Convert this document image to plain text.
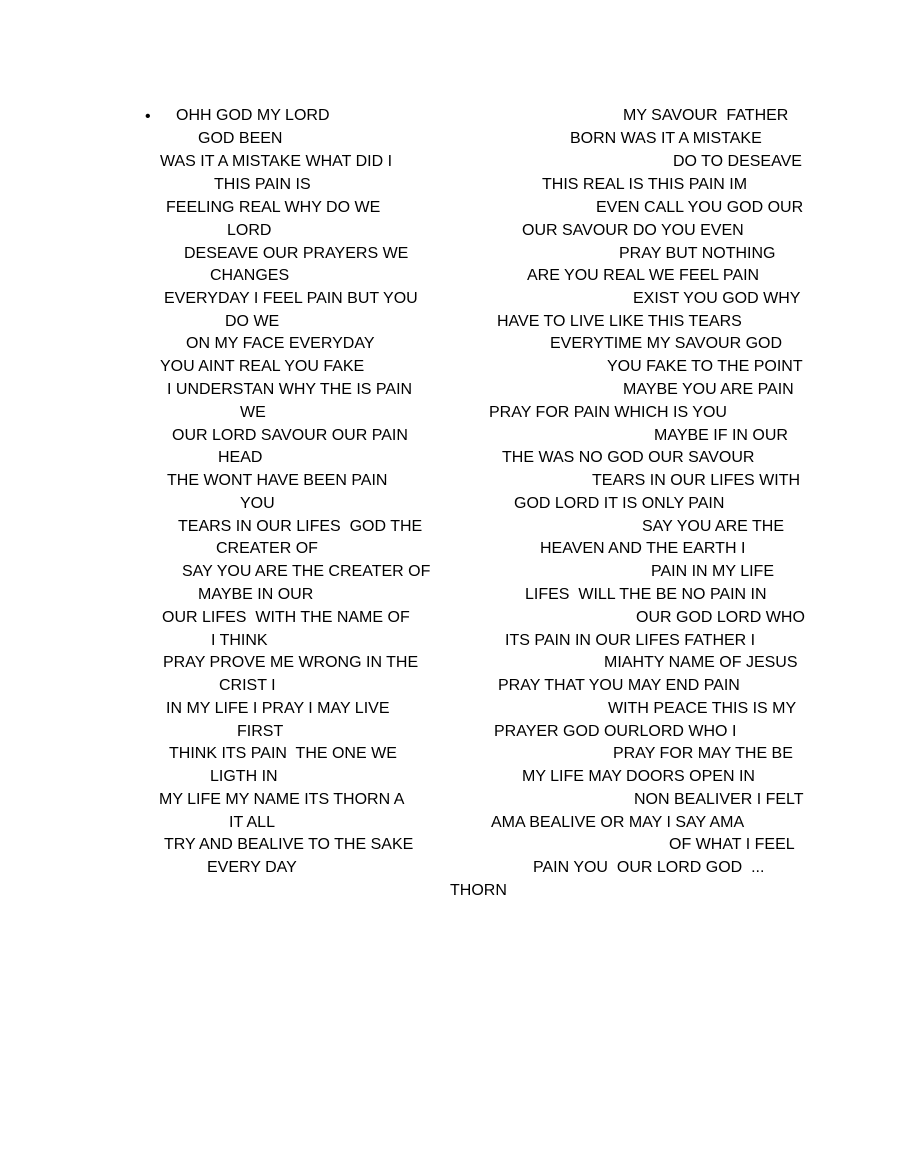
• OHH GOD MY LORD	MY SAVOUR  FATHER
GOD BEEN	BORN WAS IT A MISTAKE
WAS IT A MISTAKE WHAT DID I	DO TO DESEAVE
THIS PAIN IS	THIS REAL IS THIS PAIN IM
FEELING REAL WHY DO WE	EVEN CALL YOU GOD OUR
LORD	OUR SAVOUR DO YOU EVEN
DESEAVE OUR PRAYERS WE	PRAY BUT NOTHING
CHANGES	ARE YOU REAL WE FEEL PAIN
EVERYDAY I FEEL PAIN BUT YOU	EXIST YOU GOD WHY
DO WE	HAVE TO LIVE LIKE THIS TEARS
ON MY FACE EVERYDAY	EVERYTIME MY SAVOUR GOD
YOU AINT REAL YOU FAKE	YOU FAKE TO THE POINT
I UNDERSTAN WHY THE IS PAIN	MAYBE YOU ARE PAIN
WE	PRAY FOR PAIN WHICH IS YOU
OUR LORD SAVOUR OUR PAIN	MAYBE IF IN OUR
HEAD	THE WAS NO GOD OUR SAVOUR
THE WONT HAVE BEEN PAIN	TEARS IN OUR LIFES WITH
YOU	GOD LORD IT IS ONLY PAIN
TEARS IN OUR LIFES  GOD THE	SAY YOU ARE THE
CREATER OF	HEAVEN AND THE EARTH I
SAY YOU ARE THE CREATER OF	PAIN IN MY LIFE
MAYBE IN OUR	LIFES  WILL THE BE NO PAIN IN
OUR LIFES  WITH THE NAME OF	OUR GOD LORD WHO
I THINK	ITS PAIN IN OUR LIFES FATHER I
PRAY PROVE ME WRONG IN THE	MIAHTY NAME OF JESUS
CRIST I	PRAY THAT YOU MAY END PAIN
IN MY LIFE I PRAY I MAY LIVE	WITH PEACE THIS IS MY
FIRST	PRAYER GOD OURLORD WHO I
THINK ITS PAIN  THE ONE WE	PRAY FOR MAY THE BE
LIGTH IN	MY LIFE MAY DOORS OPEN IN
MY LIFE MY NAME ITS THORN A	NON BEALIVER I FELT
IT ALL	AMA BEALIVE OR MAY I SAY AMA
TRY AND BEALIVE TO THE SAKE	OF WHAT I FEEL
EVERY DAY	PAIN YOU  OUR LORD GOD  ...
THORN
